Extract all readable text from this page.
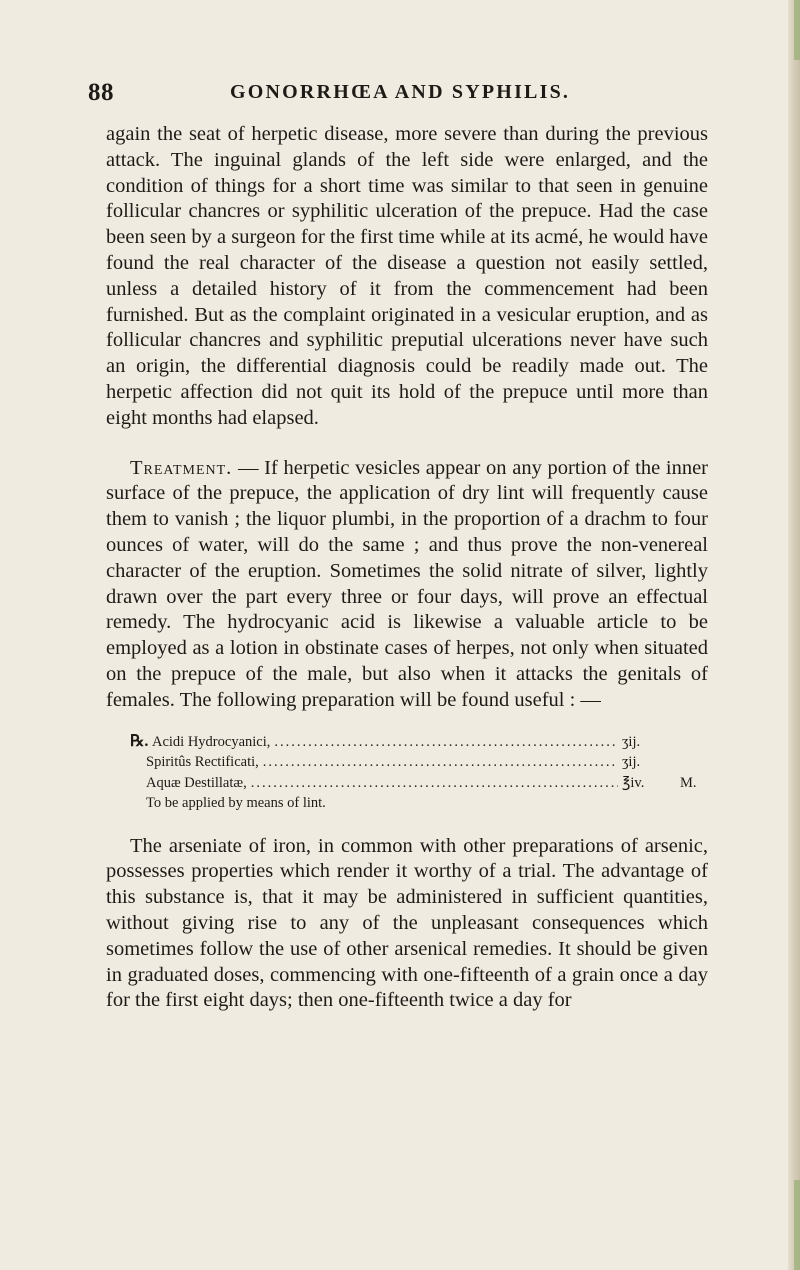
88	GONORRHŒA AND SYPHILIS.

again the seat of herpetic disease, more severe than during the previous attack. The inguinal glands of the left side were enlarged, and the condition of things for a short time was similar to that seen in genuine follicular chancres or syphilitic ulceration of the prepuce. Had the case been seen by a surgeon for the first time while at its acmé, he would have found the real character of the disease a question not easily settled, unless a detailed history of it from the commencement had been furnished. But as the complaint originated in a vesicular eruption, and as follicular chancres and syphilitic preputial ulcerations never have such an origin, the differential diagnosis could be readily made out. The herpetic affection did not quit its hold of the prepuce until more than eight months had elapsed.

Treatment. — If herpetic vesicles appear on any portion of the inner surface of the prepuce, the application of dry lint will frequently cause them to vanish ; the liquor plumbi, in the proportion of a drachm to four ounces of water, will do the same ; and thus prove the non-venereal character of the eruption. Sometimes the solid nitrate of silver, lightly drawn over the part every three or four days, will prove an effectual remedy. The hydrocyanic acid is likewise a valuable article to be employed as a lotion in obstinate cases of herpes, not only when situated on the prepuce of the male, but also when it attacks the genitals of females. The following preparation will be found useful : —

℞. Acidi Hydrocyanici, .....	ʒij.
Spiritûs Rectificati, .....	ʒij.
Aquæ Destillatæ, .....	℥iv.	M.
To be applied by means of lint.

The arseniate of iron, in common with other preparations of arsenic, possesses properties which render it worthy of a trial. The advantage of this substance is, that it may be administered in sufficient quantities, without giving rise to any of the unpleasant consequences which sometimes follow the use of other arsenical remedies. It should be given in graduated doses, commencing with one-fifteenth of a grain once a day for the first eight days; then one-fifteenth twice a day for
